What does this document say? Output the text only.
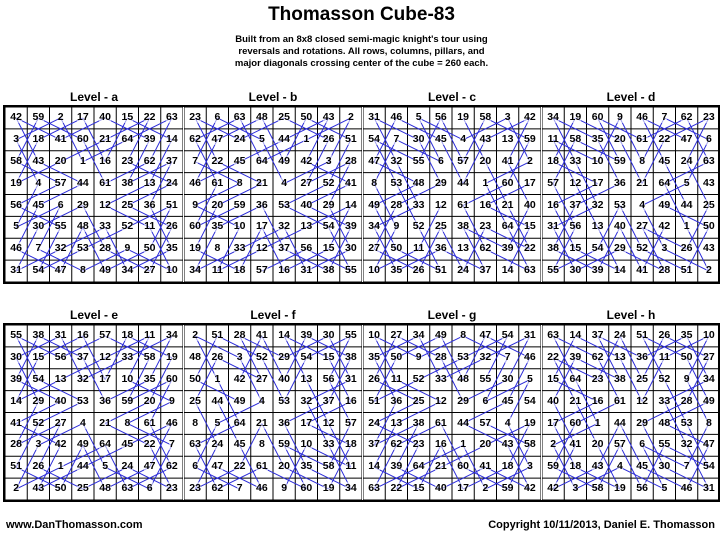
Thomasson Cube-83
Built from an 8x8 closed semi-magic knight's tour using
reversals and rotations. All rows, columns, pillars, and
major diagonals crossing center of the cube = 260 each.
Level - a
42	59	2	17	40	15	22	63
3	18	41	60	21	64	39	14
58	43	20	1	16	23	62	37
19	4	57	44	61	38	13	24
56	45	6	29	12	25	36	51
5	30	55	48	33	52	11	26
46	7	32	53	28	9	50	35
31	54	47	8	49	34	27	10
Level - b
23	6	63	48	25	50	43	2
62	47	24	5	44	1	26	51
7	22	45	64	49	42	3	28
46	61	8	21	4	27	52	41
9	20	59	36	53	40	29	14
60	35	10	17	32	13	54	39
19	8	33	12	37	56	15	30
34	11	18	57	16	31	38	55
Level - c
31	46	5	56	19	58	3	42
54	7	30	45	4	43	13	59
47	32	55	6	57	20	41	2
8	53	48	29	44	1	60	17
49	28	33	12	61	16	21	40
34	9	52	25	38	23	64	15
27	50	11	36	13	62	39	22
10	35	26	51	24	37	14	63
Level - d
34	19	60	9	46	7	62	23
11	58	35	20	61	22	47	6
18	33	10	59	8	45	24	63
57	12	17	36	21	64	5	43
16	37	32	53	4	49	44	25
31	56	13	40	27	42	1	50
38	15	54	29	52	3	26	43
55	30	39	14	41	28	51	2
Level - e
55	38	31	16	57	18	11	34
30	15	56	37	12	33	58	19
39	54	13	32	17	10	35	60
14	29	40	53	36	59	20	9
41	52	27	4	21	8	61	46
28	3	42	49	64	45	22	7
51	26	1	44	5	24	47	62
2	43	50	25	48	63	6	23
Level - f
2	51	28	41	14	39	30	55
48	26	3	52	29	54	15	38
50	1	42	27	40	13	56	31
25	44	49	4	53	32	37	16
8	5	64	21	36	17	12	57
63	24	45	8	59	10	33	18
6	47	22	61	20	35	58	11
23	62	7	46	9	60	19	34
Level - g
10	27	34	49	8	47	54	31
35	50	9	28	53	32	7	46
26	11	52	33	48	55	30	5
51	36	25	12	29	6	45	54
24	13	38	61	44	57	4	19
37	62	23	16	1	20	43	58
14	39	64	21	60	41	18	3
63	22	15	40	17	2	59	42
Level - h
63	14	37	24	51	26	35	10
22	39	62	13	36	11	50	27
15	64	23	38	25	52	9	34
40	21	16	61	12	33	28	49
17	60	1	44	29	48	53	8
2	41	20	57	6	55	32	47
59	18	43	4	45	30	7	54
42	3	58	19	56	5	46	31
www.DanThomasson.com	Copyright 10/11/2013, Daniel E. Thomasson
